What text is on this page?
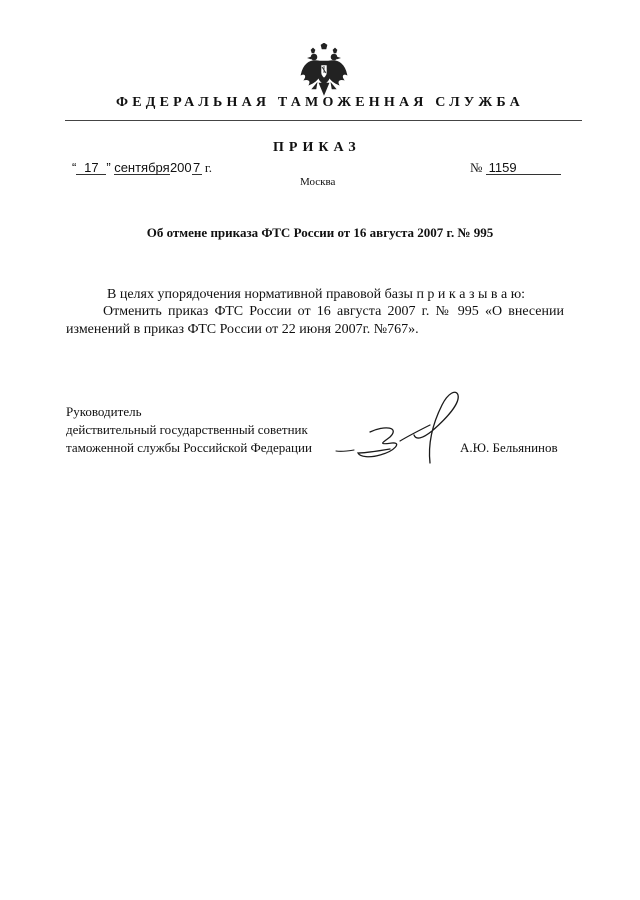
ФЕДЕРАЛЬНАЯ ТАМОЖЕННАЯ СЛУЖБА
ПРИКАЗ
“ 17 ” сентября2007 г.	№ 1159
Москва
Об отмене приказа ФТС России от 16 августа 2007 г. № 995
В целях упорядочения нормативной правовой базы п р и к а з ы в а ю:
Отменить приказ ФТС России от 16 августа 2007 г. № 995 «О внесении
изменений в приказ ФТС России от 22 июня 2007г. №767».
Руководитель
действительный государственный советник
таможенной службы Российской Федерации	А.Ю. Бельянинов
